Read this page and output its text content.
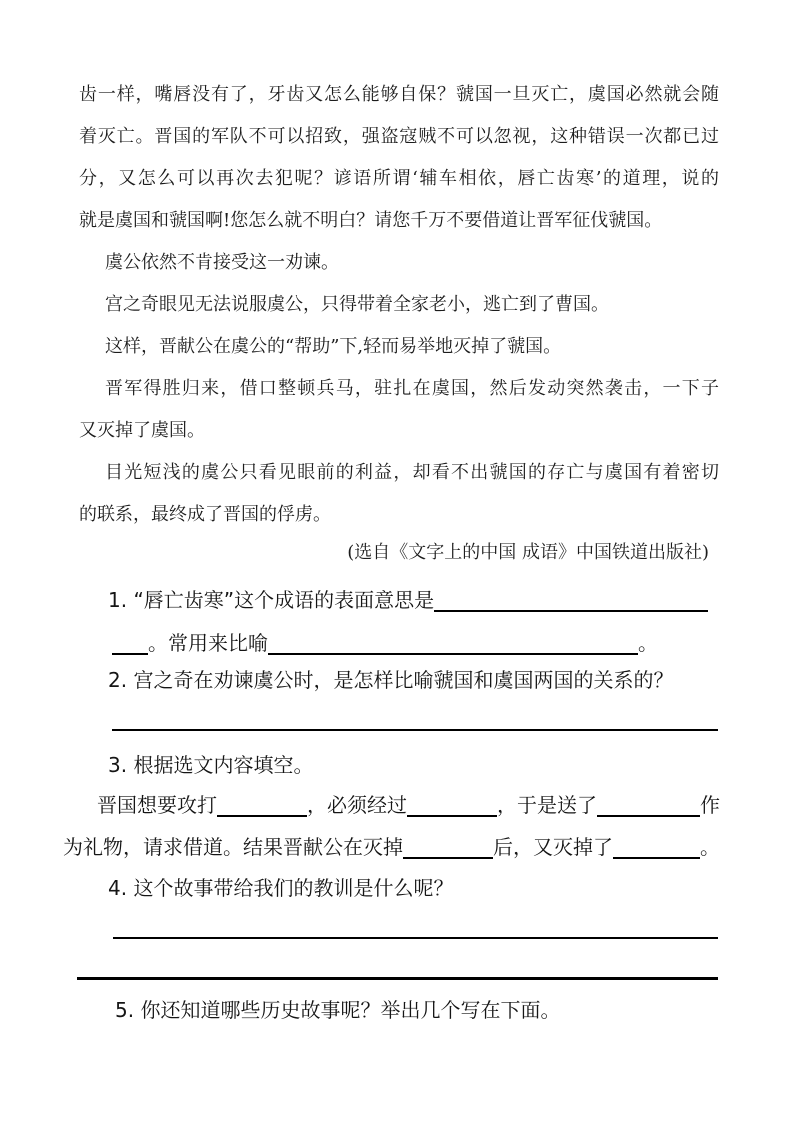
齿一样，嘴唇没有了，牙齿又怎么能够自保？虢国一旦灭亡，虞国必然就会随
着灭亡。晋国的军队不可以招致，强盗寇贼不可以忽视，这种错误一次都已过
分，又怎么可以再次去犯呢？谚语所谓‘辅车相依，唇亡齿寒’的道理，说的
就是虞国和虢国啊!您怎么就不明白？请您千万不要借道让晋军征伐虢国。
虞公依然不肯接受这一劝谏。
宫之奇眼见无法说服虞公，只得带着全家老小，逃亡到了曹国。
这样，晋献公在虞公的“帮助”下,轻而易举地灭掉了虢国。
晋军得胜归来，借口整顿兵马，驻扎在虞国，然后发动突然袭击，一下子
又灭掉了虞国。
目光短浅的虞公只看见眼前的利益，却看不出虢国的存亡与虞国有着密切
的联系，最终成了晋国的俘虏。
(选自《文字上的中国 成语》中国铁道出版社)
1. “唇亡齿寒”这个成语的表面意思是
。常用来比喻	。
2. 宫之奇在劝谏虞公时，是怎样比喻虢国和虞国两国的关系的？
3. 根据选文内容填空。
晋国想要攻打	，必须经过	，于是送了	作
为礼物，请求借道。结果晋献公在灭掉	后，又灭掉了	。
4. 这个故事带给我们的教训是什么呢？
5. 你还知道哪些历史故事呢？举出几个写在下面。
